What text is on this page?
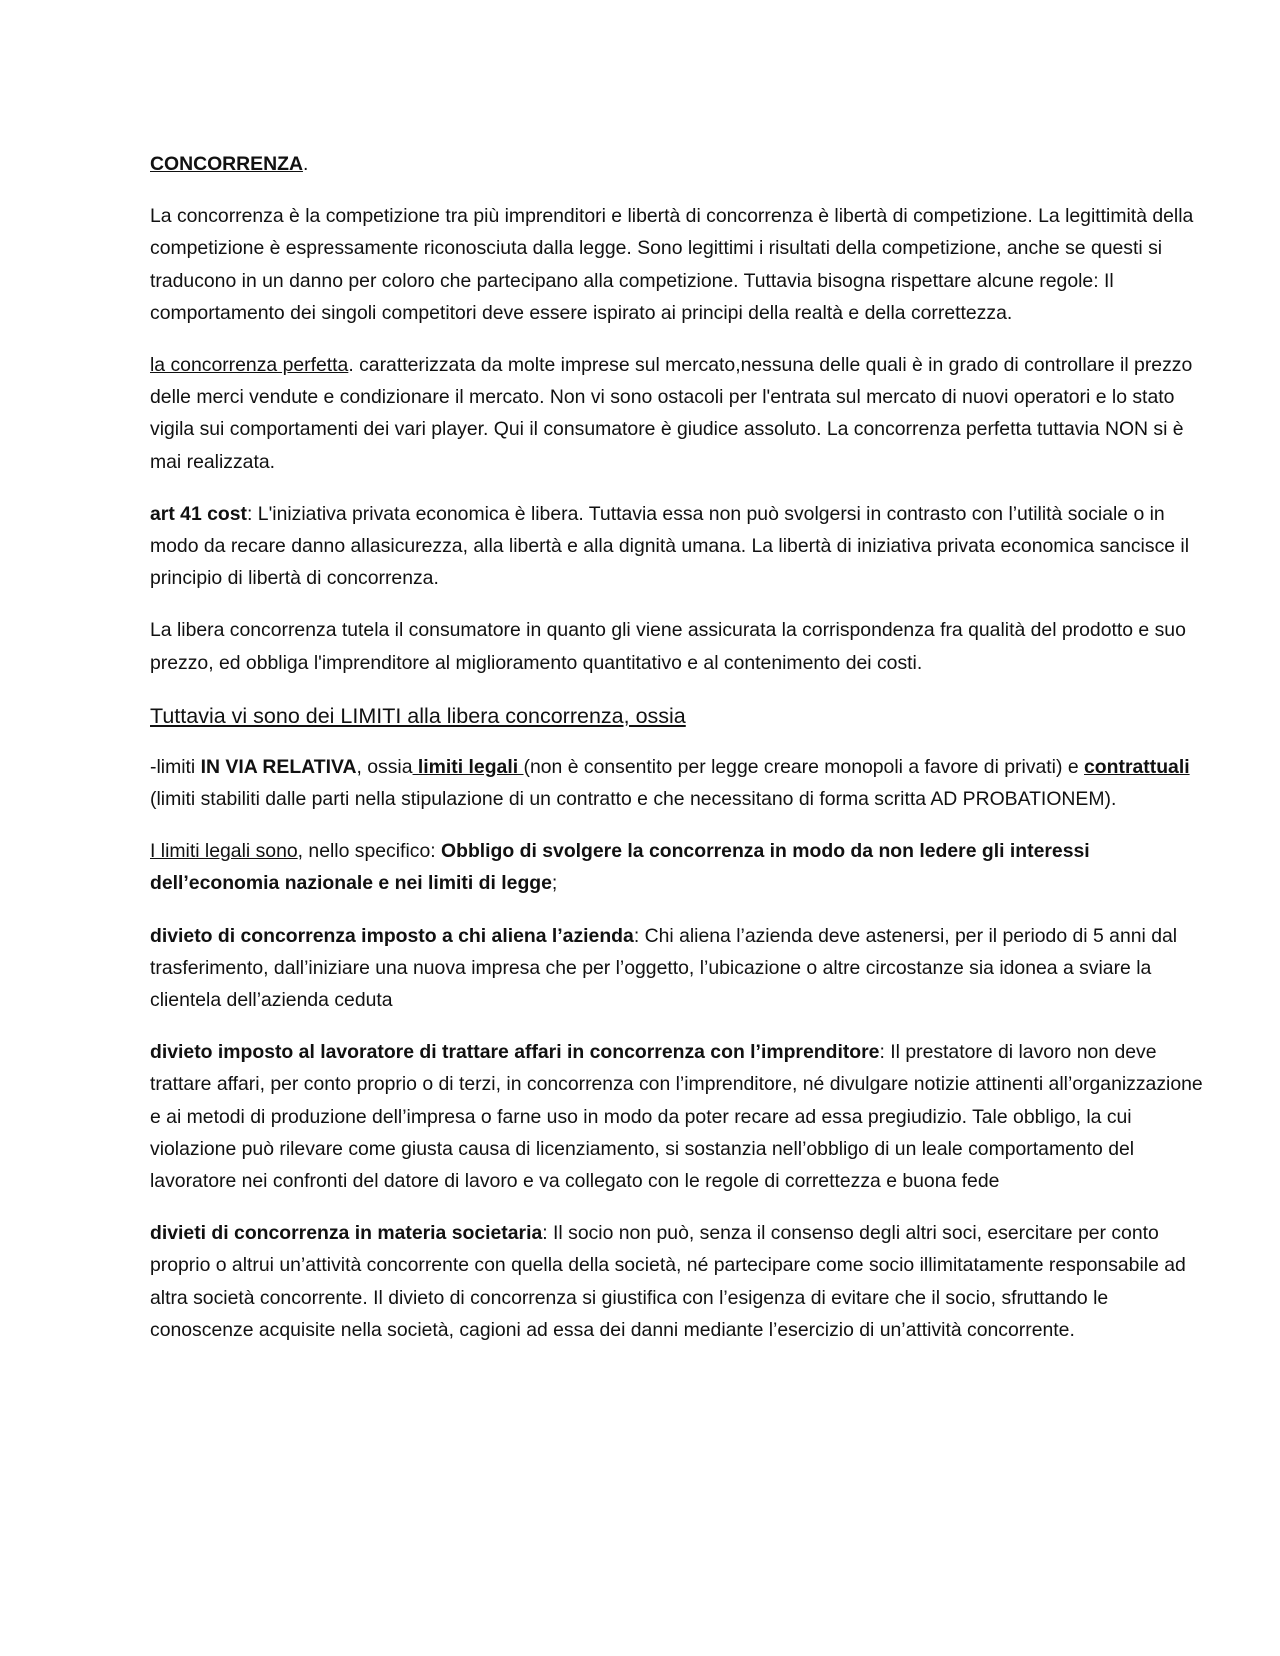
CONCORRENZA.

La concorrenza è la competizione tra più imprenditori e libertà di concorrenza è libertà di competizione. La legittimità della competizione è espressamente riconosciuta dalla legge. Sono legittimi i risultati della competizione, anche se questi si traducono in un danno per coloro che partecipano alla competizione. Tuttavia bisogna rispettare alcune regole: Il comportamento dei singoli competitori deve essere ispirato ai principi della realtà e della correttezza.

la concorrenza perfetta. caratterizzata da molte imprese sul mercato,nessuna delle quali è in grado di controllare il prezzo delle merci vendute e condizionare il mercato. Non vi sono ostacoli per l'entrata sul mercato di nuovi operatori e lo stato vigila sui comportamenti dei vari player. Qui il consumatore è giudice assoluto. La concorrenza perfetta tuttavia NON si è mai realizzata.

art 41 cost: L'iniziativa privata economica è libera. Tuttavia essa non può svolgersi in contrasto con l’utilità sociale o in modo da recare danno allasicurezza, alla libertà e alla dignità umana. La libertà di iniziativa privata economica sancisce il principio di libertà di concorrenza.

La libera concorrenza tutela il consumatore in quanto gli viene assicurata la corrispondenza fra qualità del prodotto e suo prezzo, ed obbliga l'imprenditore al miglioramento quantitativo e al contenimento dei costi.

Tuttavia vi sono dei LIMITI alla libera concorrenza, ossia

-limiti IN VIA RELATIVA, ossia limiti legali (non è consentito per legge creare monopoli a favore di privati) e contrattuali (limiti stabiliti dalle parti nella stipulazione di un contratto e che necessitano di forma scritta AD PROBATIONEM).

I limiti legali sono, nello specifico: Obbligo di svolgere la concorrenza in modo da non ledere gli interessi dell’economia nazionale e nei limiti di legge;

divieto di concorrenza imposto a chi aliena l’azienda: Chi aliena l’azienda deve astenersi, per il periodo di 5 anni dal trasferimento, dall’iniziare una nuova impresa che per l’oggetto, l’ubicazione o altre circostanze sia idonea a sviare la clientela dell’azienda ceduta

divieto imposto al lavoratore di trattare affari in concorrenza con l’imprenditore: Il prestatore di lavoro non deve trattare affari, per conto proprio o di terzi, in concorrenza con l’imprenditore, né divulgare notizie attinenti all’organizzazione e ai metodi di produzione dell’impresa o farne uso in modo da poter recare ad essa pregiudizio. Tale obbligo, la cui violazione può rilevare come giusta causa di licenziamento, si sostanzia nell’obbligo di un leale comportamento del lavoratore nei confronti del datore di lavoro e va collegato con le regole di correttezza e buona fede

divieti di concorrenza in materia societaria: Il socio non può, senza il consenso degli altri soci, esercitare per conto proprio o altrui un’attività concorrente con quella della società, né partecipare come socio illimitatamente responsabile ad altra società concorrente. Il divieto di concorrenza si giustifica con l’esigenza di evitare che il socio, sfruttando le conoscenze acquisite nella società, cagioni ad essa dei danni mediante l’esercizio di un’attività concorrente.
